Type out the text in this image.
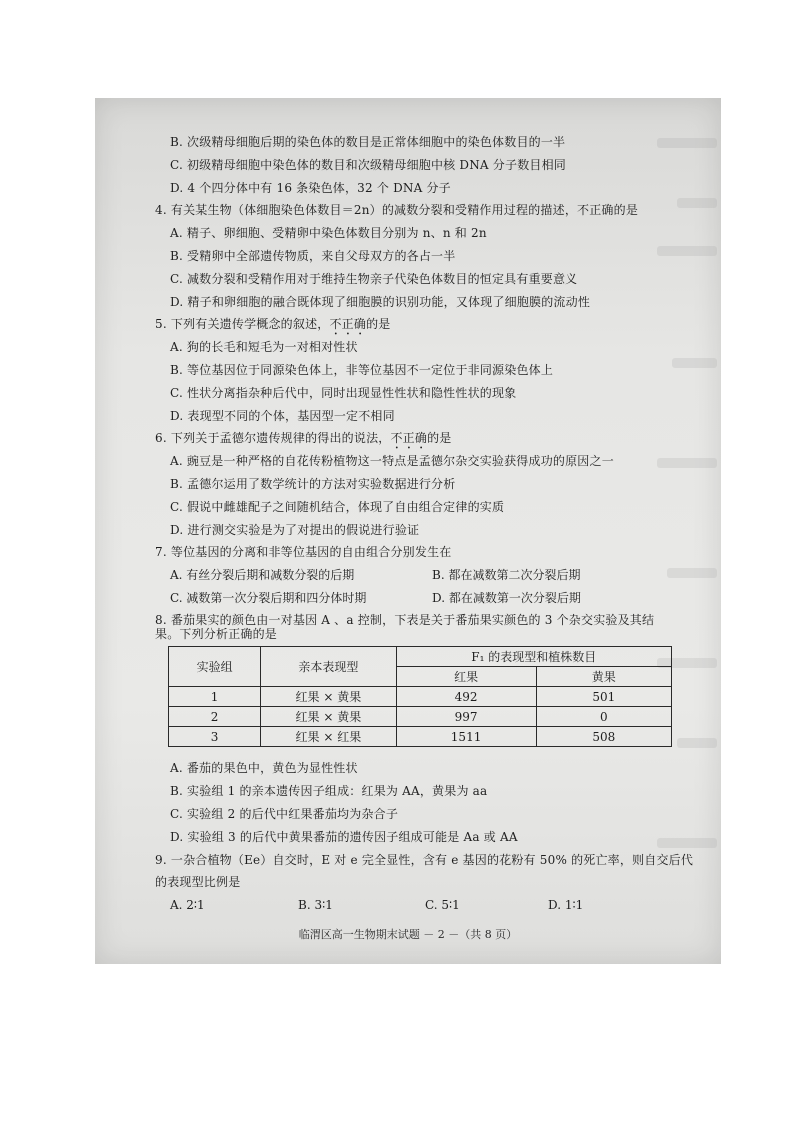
B. 次级精母细胞后期的染色体的数目是正常体细胞中的染色体数目的一半
C. 初级精母细胞中染色体的数目和次级精母细胞中核 DNA 分子数目相同
D. 4 个四分体中有 16 条染色体，32 个 DNA 分子
4. 有关某生物（体细胞染色体数目＝2n）的减数分裂和受精作用过程的描述，不正确的是
A. 精子、卵细胞、受精卵中染色体数目分别为 n、n 和 2n
B. 受精卵中全部遗传物质，来自父母双方的各占一半
C. 减数分裂和受精作用对于维持生物亲子代染色体数目的恒定具有重要意义
D. 精子和卵细胞的融合既体现了细胞膜的识别功能，又体现了细胞膜的流动性
5. 下列有关遗传学概念的叙述，不正确的是
A. 狗的长毛和短毛为一对相对性状
B. 等位基因位于同源染色体上，非等位基因不一定位于非同源染色体上
C. 性状分离指杂种后代中，同时出现显性性状和隐性性状的现象
D. 表现型不同的个体，基因型一定不相同
6. 下列关于孟德尔遗传规律的得出的说法，不正确的是
A. 豌豆是一种严格的自花传粉植物这一特点是孟德尔杂交实验获得成功的原因之一
B. 孟德尔运用了数学统计的方法对实验数据进行分析
C. 假说中雌雄配子之间随机结合，体现了自由组合定律的实质
D. 进行测交实验是为了对提出的假说进行验证
7. 等位基因的分离和非等位基因的自由组合分别发生在
A. 有丝分裂后期和减数分裂的后期	B. 都在减数第二次分裂后期
C. 减数第一次分裂后期和四分体时期	D. 都在减数第一次分裂后期
8. 番茄果实的颜色由一对基因 A 、a 控制，下表是关于番茄果实颜色的 3 个杂交实验及其结
果。下列分析正确的是
实验组	亲本表现型	F₁ 的表现型和植株数目	
		红果	黄果
1	红果 × 黄果	492	501
2	红果 × 黄果	997	0
3	红果 × 红果	1511	508
A. 番茄的果色中，黄色为显性性状
B. 实验组 1 的亲本遗传因子组成：红果为 AA，黄果为 aa
C. 实验组 2 的后代中红果番茄均为杂合子
D. 实验组 3 的后代中黄果番茄的遗传因子组成可能是 Aa 或 AA
9. 一杂合植物（Ee）自交时，E 对 e 完全显性，含有 e 基因的花粉有 50% 的死亡率，则自交后代
的表现型比例是
A. 2∶1	B. 3∶1	C. 5∶1	D. 1∶1
临渭区高一生物期末试题 － 2 －（共 8 页）
